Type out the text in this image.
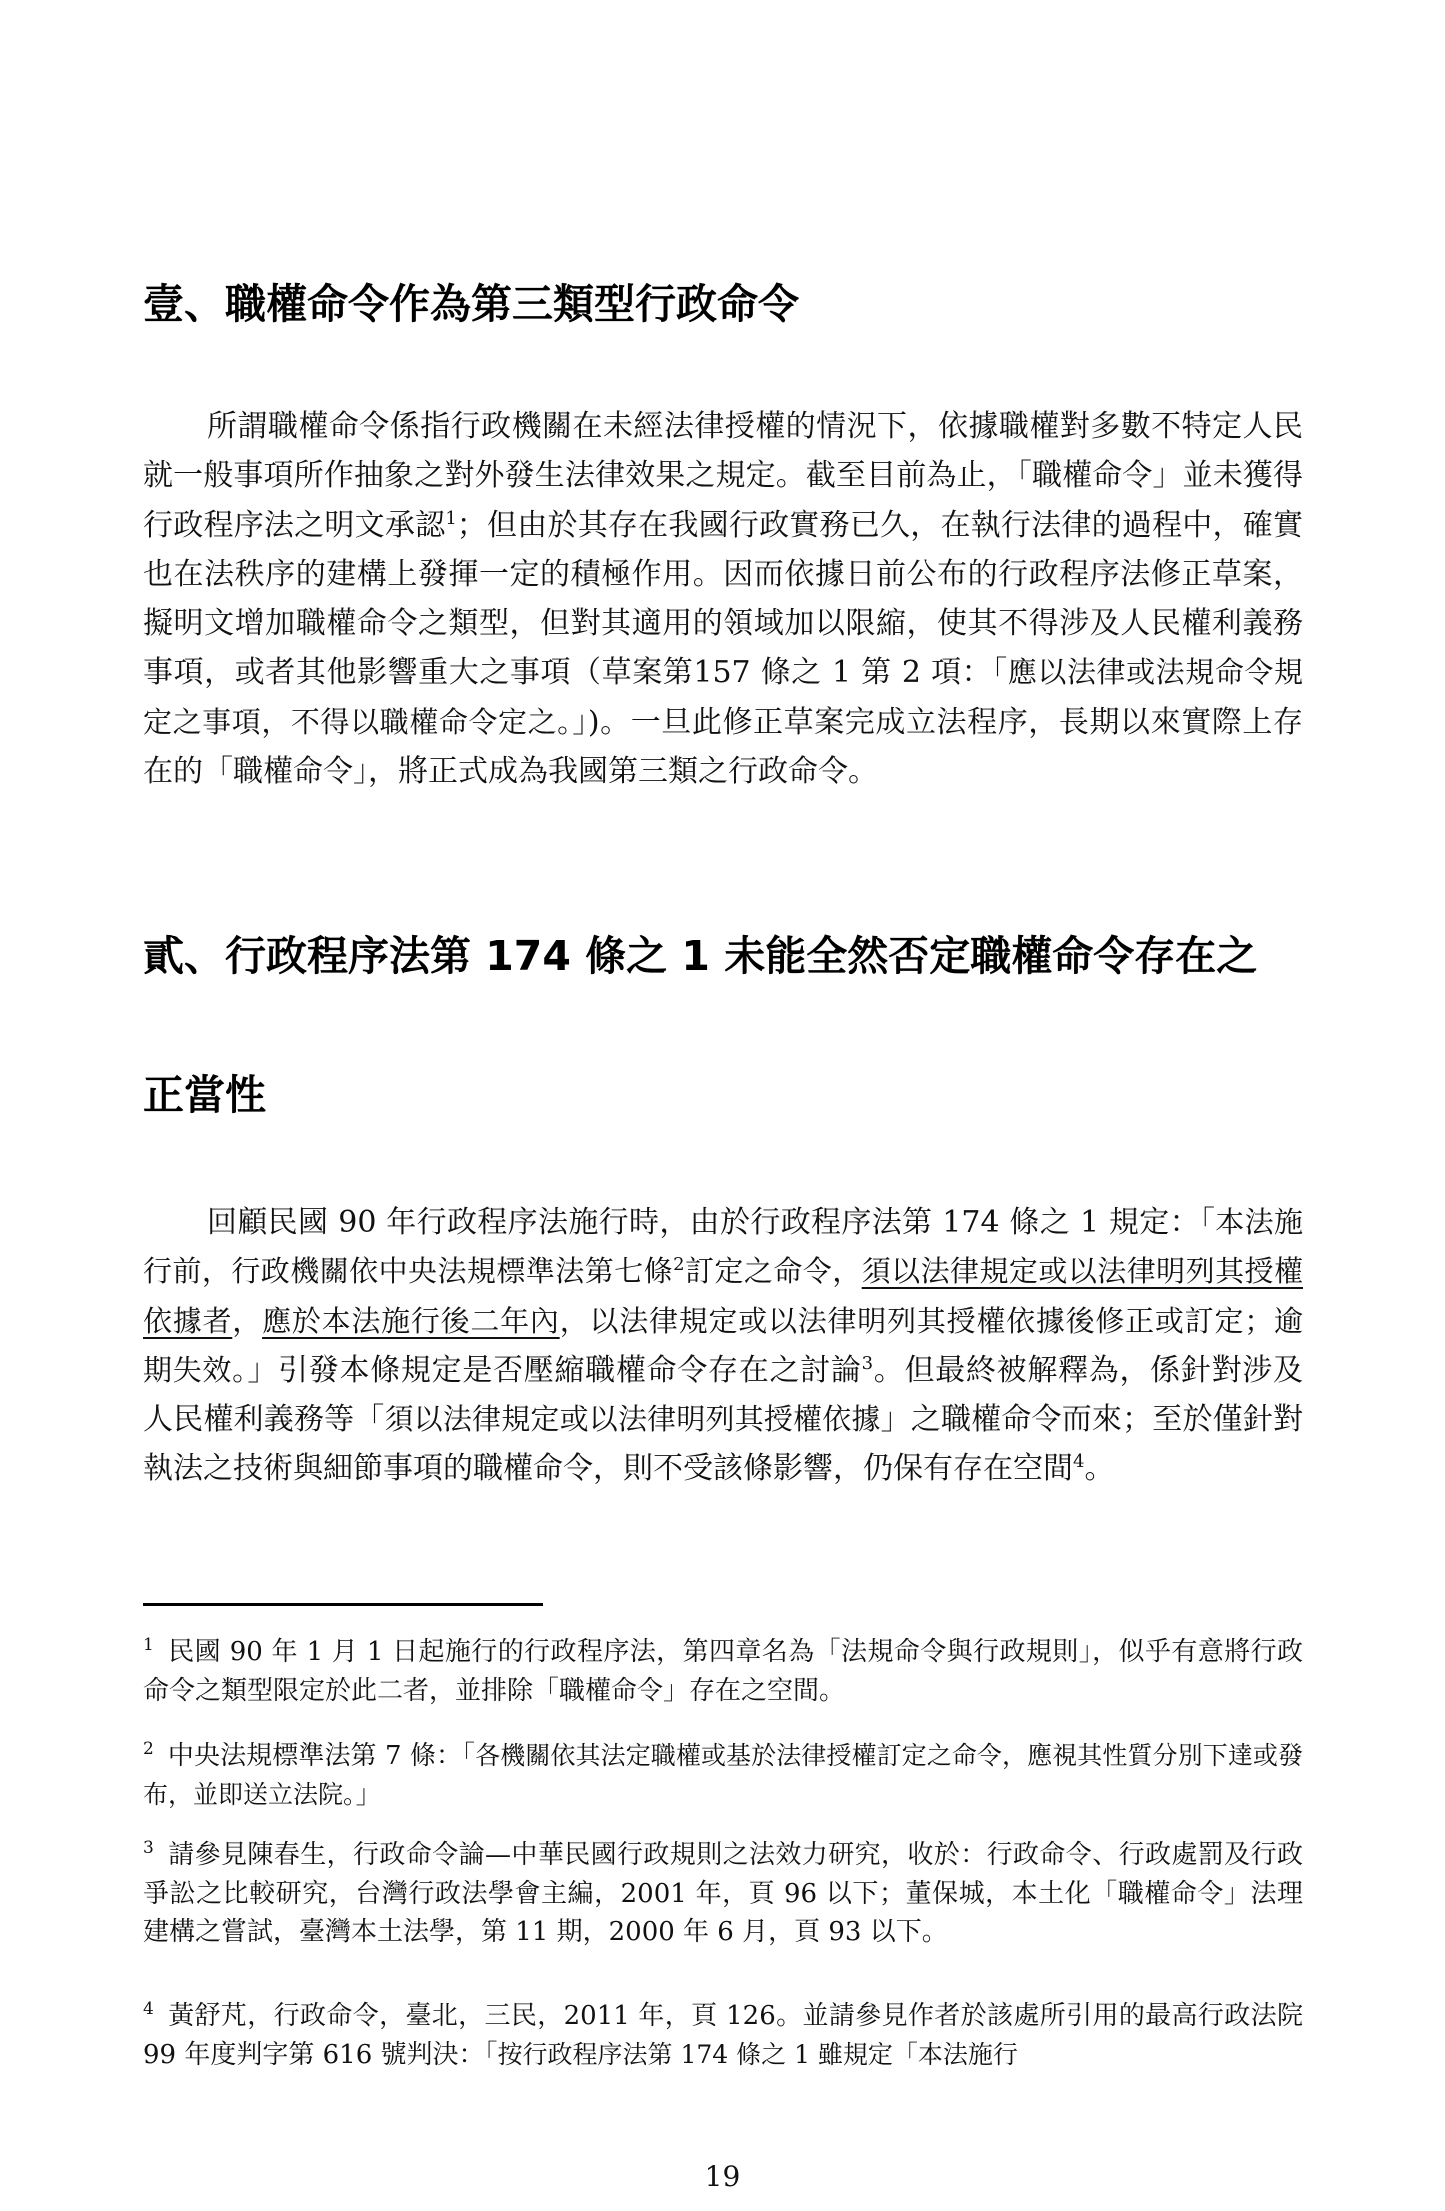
壹、職權命令作為第三類型行政命令

所謂職權命令係指行政機關在未經法律授權的情況下，依據職權對多數不特定人民就一般事項所作抽象之對外發生法律效果之規定。截至目前為止，「職權命令」並未獲得行政程序法之明文承認$^1$；但由於其存在我國行政實務已久，在執行法律的過程中，確實也在法秩序的建構上發揮一定的積極作用。因而依據日前公布的行政程序法修正草案，擬明文增加職權命令之類型，但對其適用的領域加以限縮，使其不得涉及人民權利義務事項，或者其他影響重大之事項（草案第157 條之 1 第 2 項：「應以法律或法規命令規定之事項，不得以職權命令定之。」)。一旦此修正草案完成立法程序，長期以來實際上存在的「職權命令」，將正式成為我國第三類之行政命令。

貳、行政程序法第 174 條之 1 未能全然否定職權命令存在之
正當性

回顧民國 90 年行政程序法施行時，由於行政程序法第 174 條之 1 規定：「本法施行前，行政機關依中央法規標準法第七條$^2$訂定之命令，須以法律規定或以法律明列其授權依據者，應於本法施行後二年內，以法律規定或以法律明列其授權依據後修正或訂定；逾期失效。」引發本條規定是否壓縮職權命令存在之討論$^3$。但最終被解釋為，係針對涉及人民權利義務等「須以法律規定或以法律明列其授權依據」之職權命令而來；至於僅針對執法之技術與細節事項的職權命令，則不受該條影響，仍保有存在空間$^4$。

$^1$ 民國 90 年 1 月 1 日起施行的行政程序法，第四章名為「法規命令與行政規則」，似乎有意將行政命令之類型限定於此二者，並排除「職權命令」存在之空間。

$^2$ 中央法規標準法第 7 條：「各機關依其法定職權或基於法律授權訂定之命令，應視其性質分別下達或發布，並即送立法院。」

$^3$ 請參見陳春生，行政命令論—中華民國行政規則之法效力研究，收於：行政命令、行政處罰及行政爭訟之比較研究，台灣行政法學會主編，2001 年，頁 96 以下；董保城，本土化「職權命令」法理建構之嘗試，臺灣本土法學，第 11 期，2000 年 6 月，頁 93 以下。

$^4$ 黃舒芃，行政命令，臺北，三民，2011 年，頁 126。並請參見作者於該處所引用的最高行政法院 99 年度判字第 616 號判決：「按行政程序法第 174 條之 1 雖規定「本法施行

19
